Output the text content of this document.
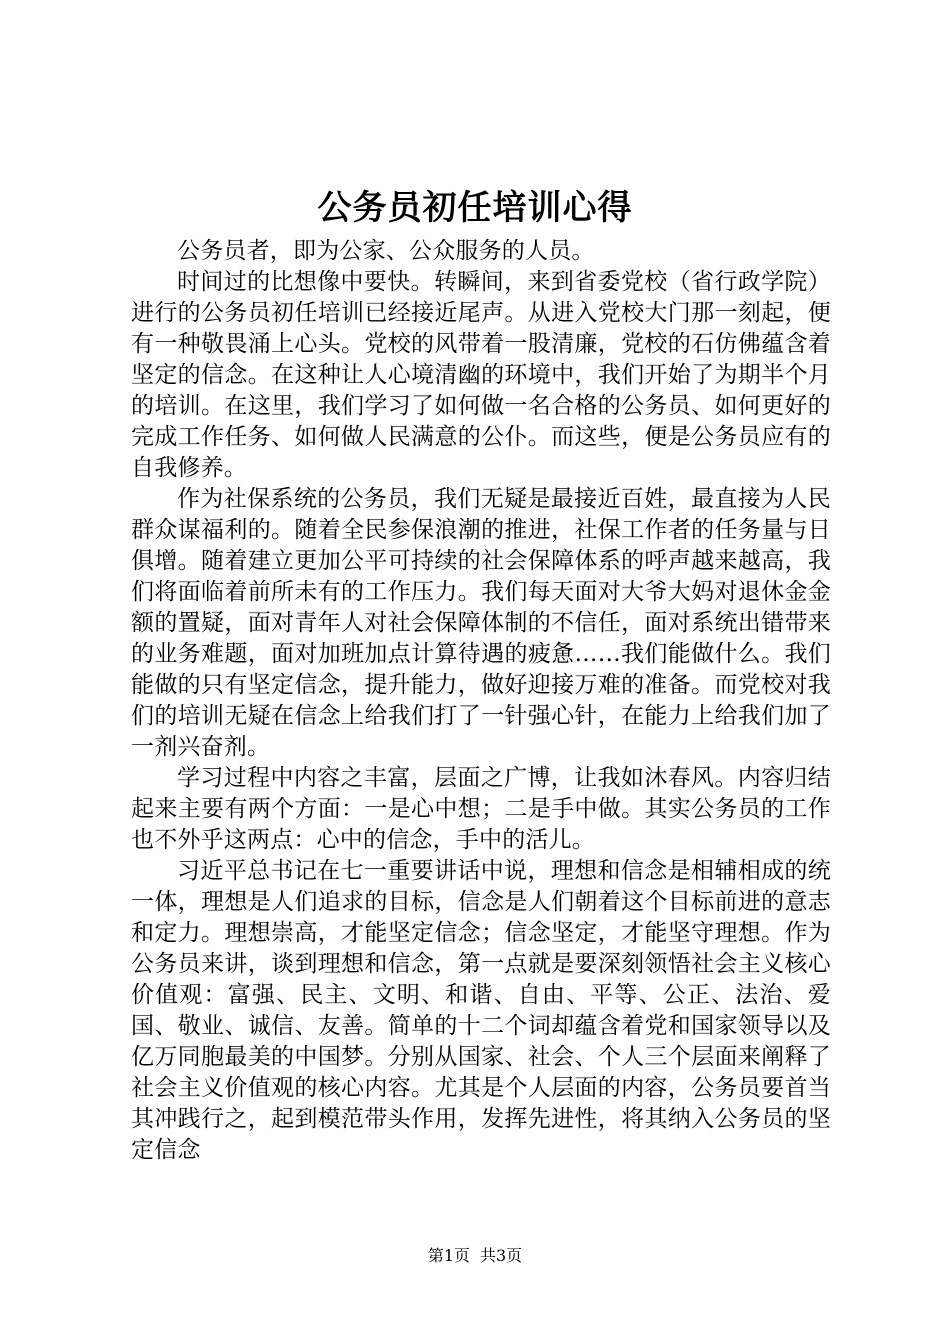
公务员初任培训心得

公务员者，即为公家、公众服务的人员。

时间过的比想像中要快。转瞬间，来到省委党校（省行政学院）进行的公务员初任培训已经接近尾声。从进入党校大门那一刻起，便有一种敬畏涌上心头。党校的风带着一股清廉，党校的石仿佛蕴含着坚定的信念。在这种让人心境清幽的环境中，我们开始了为期半个月的培训。在这里，我们学习了如何做一名合格的公务员、如何更好的完成工作任务、如何做人民满意的公仆。而这些，便是公务员应有的自我修养。

作为社保系统的公务员，我们无疑是最接近百姓，最直接为人民群众谋福利的。随着全民参保浪潮的推进，社保工作者的任务量与日俱增。随着建立更加公平可持续的社会保障体系的呼声越来越高，我们将面临着前所未有的工作压力。我们每天面对大爷大妈对退休金金额的置疑，面对青年人对社会保障体制的不信任，面对系统出错带来的业务难题，面对加班加点计算待遇的疲惫……我们能做什么。我们能做的只有坚定信念，提升能力，做好迎接万难的准备。而党校对我们的培训无疑在信念上给我们打了一针强心针，在能力上给我们加了一剂兴奋剂。

学习过程中内容之丰富，层面之广博，让我如沐春风。内容归结起来主要有两个方面：一是心中想；二是手中做。其实公务员的工作也不外乎这两点：心中的信念，手中的活儿。

习近平总书记在七一重要讲话中说，理想和信念是相辅相成的统一体，理想是人们追求的目标，信念是人们朝着这个目标前进的意志和定力。理想崇高，才能坚定信念；信念坚定，才能坚守理想。作为公务员来讲，谈到理想和信念，第一点就是要深刻领悟社会主义核心价值观：富强、民主、文明、和谐、自由、平等、公正、法治、爱国、敬业、诚信、友善。简单的十二个词却蕴含着党和国家领导以及亿万同胞最美的中国梦。分别从国家、社会、个人三个层面来阐释了社会主义价值观的核心内容。尤其是个人层面的内容，公务员要首当其冲践行之，起到模范带头作用，发挥先进性，将其纳入公务员的坚定信念

第1页 共3页
